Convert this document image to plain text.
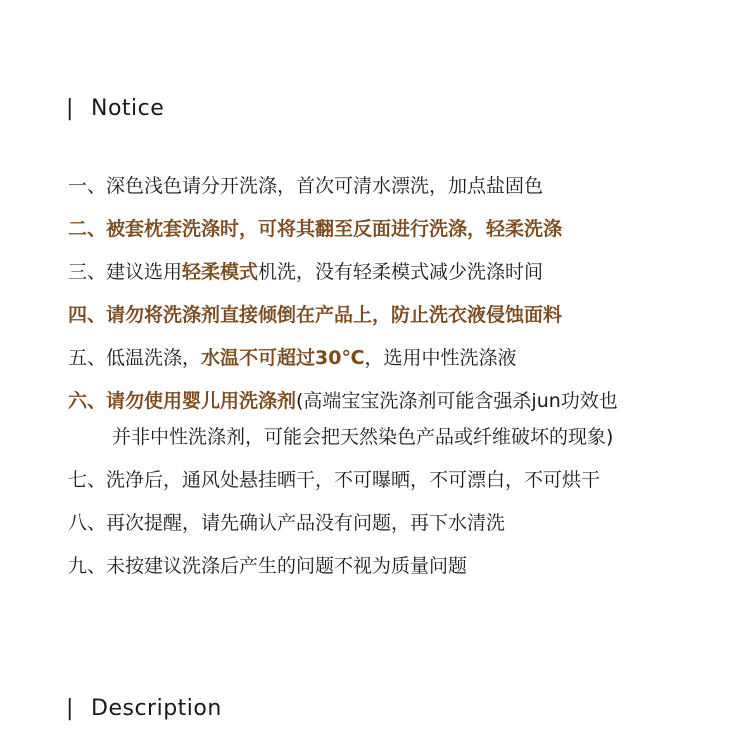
| Notice
一、深色浅色请分开洗涤，首次可清水漂洗，加点盐固色
二、被套枕套洗涤时，可将其翻至反面进行洗涤，轻柔洗涤
三、建议选用轻柔模式机洗，没有轻柔模式减少洗涤时间
四、请勿将洗涤剂直接倾倒在产品上，防止洗衣液侵蚀面料
五、低温洗涤，水温不可超过30℃，选用中性洗涤液
六、请勿使用婴儿用洗涤剂(高端宝宝洗涤剂可能含强杀jun功效也
并非中性洗涤剂，可能会把天然染色产品或纤维破坏的现象)
七、洗净后，通风处悬挂晒干，不可曝晒，不可漂白，不可烘干
八、再次提醒，请先确认产品没有问题，再下水清洗
九、未按建议洗涤后产生的问题不视为质量问题
| Description
